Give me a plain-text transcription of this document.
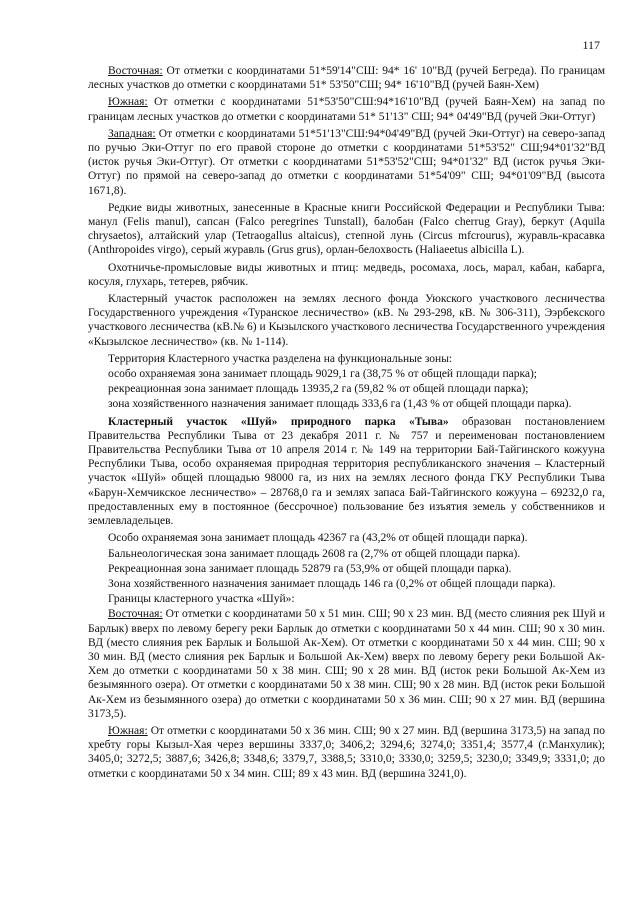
117

Восточная: От отметки с координатами 51*59'14"СШ: 94* 16' 10"ВД (ручей Бегреда). По границам лесных участков до отметки с координатами 51* 53'50"СШ; 94* 16'10"ВД (ручей Баян-Хем)

Южная: От отметки с координатами 51*53'50"СШ:94*16'10"ВД (ручей Баян-Хем) на запад по границам лесных участков до отметки с координатами 51* 51'13" СШ; 94* 04'49"ВД (ручей Эки-Оттуг)

Западная: От отметки с координатами 51*51'13"СШ:94*04'49"ВД (ручей Эки-Оттуг) на северо-запад по ручью Эки-Оттуг по его правой стороне до отметки с координатами 51*53'52" СШ;94*01'32"ВД (исток ручья Эки-Оттуг). От отметки с координатами 51*53'52"СШ; 94*01'32" ВД (исток ручья Эки-Оттуг) по прямой на северо-запад до отметки с координатами 51*54'09" СШ; 94*01'09"ВД (высота 1671,8).

Редкие виды животных, занесенные в Красные книги Российской Федерации и Республики Тыва: манул (Felis manul), сапсан (Falco peregrines Tunstall), балобан (Falco cherrug Gray), беркут (Aquila chrysaetos), алтайский улар (Tetraogallus altaicus), степной лунь (Circus mfcrourus), журавль-красавка (Anthropoides virgo), серый журавль (Grus grus), орлан-белохвость (Haliaeetus albicilla L).

Охотничье-промысловые виды животных и птиц: медведь, росомаха, лось, марал, кабан, кабарга, косуля, глухарь, тетерев, рябчик.

Кластерный участок расположен на землях лесного фонда Уюкского участкового лесничества Государственного учреждения «Туранское лесничество» (кВ. № 293-298, кВ. № 306-311), Ээрбекского участкового лесничества (кВ.№ 6) и Кызылского участкового лесничества Государственного учреждения «Кызылское лесничество» (кв. № 1-114).

Территория Кластерного участка разделена на функциональные зоны:

особо охраняемая зона занимает площадь 9029,1 га (38,75 % от общей площади парка);

рекреационная зона занимает площадь 13935,2 га (59,82 % от общей площади парка);

зона хозяйственного назначения занимает площадь 333,6 га (1,43 % от общей площади парка).

Кластерный участок «Шуй» природного парка «Тыва» образован постановлением Правительства Республики Тыва от 23 декабря 2011 г. № 757 и переименован постановлением Правительства Республики Тыва от 10 апреля 2014 г. № 149 на территории Бай-Тайгинского кожууна Республики Тыва, особо охраняемая природная территория республиканского значения – Кластерный участок «Шуй» общей площадью 98000 га, из них на землях лесного фонда ГКУ Республики Тыва «Барун-Хемчикское лесничество» – 28768,0 га и землях запаса Бай-Тайгинского кожууна – 69232,0 га, предоставленных ему в постоянное (бессрочное) пользование без изъятия земель у собственников и землевладельцев.

Особо охраняемая зона занимает площадь 42367 га (43,2% от общей площади парка).

Бальнеологическая зона занимает площадь 2608 га (2,7% от общей площади парка).

Рекреационная зона занимает площадь 52879 га (53,9% от общей площади парка).

Зона хозяйственного назначения занимает площадь 146 га (0,2% от общей площади парка).

Границы кластерного участка «Шуй»:

Восточная: От отметки с координатами 50 х 51 мин. СШ; 90 х 23 мин. ВД (место слияния рек Шуй и Барлык) вверх по левому берегу реки Барлык до отметки с координатами 50 х 44 мин. СШ; 90 х 30 мин. ВД (место слияния рек Барлык и Большой Ак-Хем). От отметки с координатами 50 х 44 мин. СШ; 90 х 30 мин. ВД (место слияния рек Барлык и Большой Ак-Хем) вверх по левому берегу реки Большой Ак-Хем до отметки с координатами 50 х 38 мин. СШ; 90 х 28 мин. ВД (исток реки Большой Ак-Хем из безымянного озера). От отметки с координатами 50 х 38 мин. СШ; 90 х 28 мин. ВД (исток реки Большой Ак-Хем из безымянного озера) до отметки с координатами 50 х 36 мин. СШ; 90 х 27 мин. ВД (вершина 3173,5).

Южная: От отметки с координатами 50 х 36 мин. СШ; 90 х 27 мин. ВД (вершина 3173,5) на запад по хребту горы Кызыл-Хая через вершины 3337,0; 3406,2; 3294,6; 3274,0; 3351,4; 3577,4 (г.Манхулик); 3405,0; 3272,5; 3887,6; 3426,8; 3348,6; 3379,7, 3388,5; 3310,0; 3330,0; 3259,5; 3230,0; 3349,9; 3331,0; до отметки с координатами 50 х 34 мин. СШ; 89 х 43 мин. ВД (вершина 3241,0).
